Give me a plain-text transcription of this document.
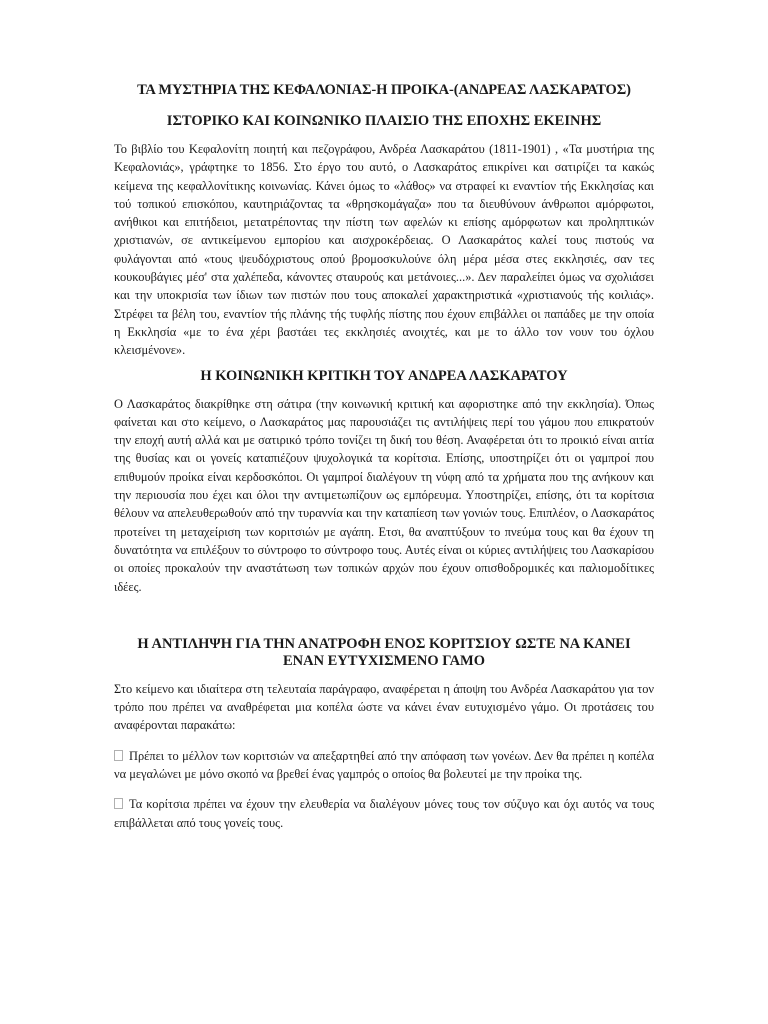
ΤΑ ΜΥΣΤΗΡΙΑ ΤΗΣ ΚΕΦΑΛΟΝΙΑΣ-Η ΠΡΟΙΚΑ-(ΑΝΔΡΕΑΣ ΛΑΣΚΑΡΑΤΟΣ)
ΙΣΤΟΡΙΚΟ ΚΑΙ ΚΟΙΝΩΝΙΚΟ ΠΛΑΙΣΙΟ ΤΗΣ ΕΠΟΧΗΣ ΕΚΕΙΝΗΣ

Το βιβλίο του Κεφαλονίτη ποιητή και πεζογράφου, Ανδρέα Λασκαράτου (1811-1901) , «Τα μυστήρια της Κεφαλονιάς», γράφτηκε το 1856. Στο έργο του αυτό, ο Λασκαράτος επικρίνει και σατιρίζει τα κακώς κείμενα της κεφαλλονίτικης κοινωνίας. Κάνει όμως το «λάθος» να στραφεί κι εναντίον τής Εκκλησίας και τού τοπικού επισκόπου, καυτηριάζοντας τα «θρησκομάγαζα» που τα διευθύνουν άνθρωποι αμόρφωτοι, ανήθικοι και επιτήδειοι, μετατρέποντας την πίστη των αφελών κι επίσης αμόρφωτων και προληπτικών χριστιανών, σε αντικείμενου εμπορίου και αισχροκέρδειας. Ο Λασκαράτος καλεί τους πιστούς να φυλάγονται από «τους ψευδόχριστους οπού βρομοσκυλούνε όλη μέρα μέσα στες εκκλησιές, σαν τες κουκουβάγιες μέσ' στα χαλέπεδα, κάνοντες σταυρούς και μετάνοιες...». Δεν παραλείπει όμως να σχολιάσει και την υποκρισία των ίδιων των πιστών που τους αποκαλεί χαρακτηριστικά «χριστιανούς τής κοιλιάς». Στρέφει τα βέλη του, εναντίον τής πλάνης τής τυφλής πίστης που έχουν επιβάλλει οι παπάδες με την οποία η Εκκλησία «με το ένα χέρι βαστάει τες εκκλησιές ανοιχτές, και με το άλλο τον νουν του όχλου κλεισμένονε».

Η ΚΟΙΝΩΝΙΚΗ ΚΡΙΤΙΚΗ ΤΟΥ ΑΝΔΡΕΑ ΛΑΣΚΑΡΑΤΟΥ

Ο Λασκαράτος διακρίθηκε στη σάτιρα (την κοινωνική κριτική και αφοριστηκε από την εκκλησία). Όπως φαίνεται και στο κείμενο, ο Λασκαράτος μας παρουσιάζει τις αντιλήψεις περί του γάμου που επικρατούν την εποχή αυτή αλλά και με σατιρικό τρόπο τονίζει τη δική του θέση. Αναφέρεται ότι το προικιό είναι αιτία της θυσίας και οι γονείς καταπιέζουν ψυχολογικά τα κορίτσια. Επίσης, υποστηρίζει ότι οι γαμπροί που επιθυμούν προίκα είναι κερδοσκόποι. Οι γαμπροί διαλέγουν τη νύφη από τα χρήματα που της ανήκουν και την περιουσία που έχει και όλοι την αντιμετωπίζουν ως εμπόρευμα. Υποστηρίζει, επίσης, ότι τα κορίτσια θέλουν να απελευθερωθούν από την τυραννία και την καταπίεση των γονιών τους. Επιπλέον, ο Λασκαράτος προτείνει τη μεταχείριση των κοριτσιών με αγάπη. Ετσι, θα αναπτύξουν το πνεύμα τους και θα έχουν τη δυνατότητα να επιλέξουν το σύντροφο το σύντροφο τους. Αυτές είναι οι κύριες αντιλήψεις του Λασκαρίσου οι οποίες προκαλούν την αναστάτωση των τοπικών αρχών που έχουν οπισθοδρομικές και παλιομοδίτικες ιδέες.

Η ΑΝΤΙΛΗΨΗ ΓΙΑ ΤΗΝ ΑΝΑΤΡΟΦΗ ΕΝΟΣ ΚΟΡΙΤΣΙΟΥ ΩΣΤΕ ΝΑ ΚΑΝΕΙ
ΕΝΑΝ ΕΥΤΥΧΙΣΜΕΝΟ ΓΑΜΟ

Στο κείμενο και ιδιαίτερα στη τελευταία παράγραφο, αναφέρεται η άποψη του Ανδρέα Λασκαράτου για τον τρόπο που πρέπει να αναθρέφεται μια κοπέλα ώστε να κάνει έναν ευτυχισμένο γάμο. Οι προτάσεις του αναφέρονται παρακάτω:

Πρέπει το μέλλον των κοριτσιών να απεξαρτηθεί από την απόφαση των γονέων. Δεν θα πρέπει η κοπέλα να μεγαλώνει με μόνο σκοπό να βρεθεί ένας γαμπρός ο οποίος θα βολευτεί με την προίκα της.

Τα κορίτσια πρέπει να έχουν την ελευθερία να διαλέγουν μόνες τους τον σύζυγο και όχι αυτός να τους επιβάλλεται από τους γονείς τους.
